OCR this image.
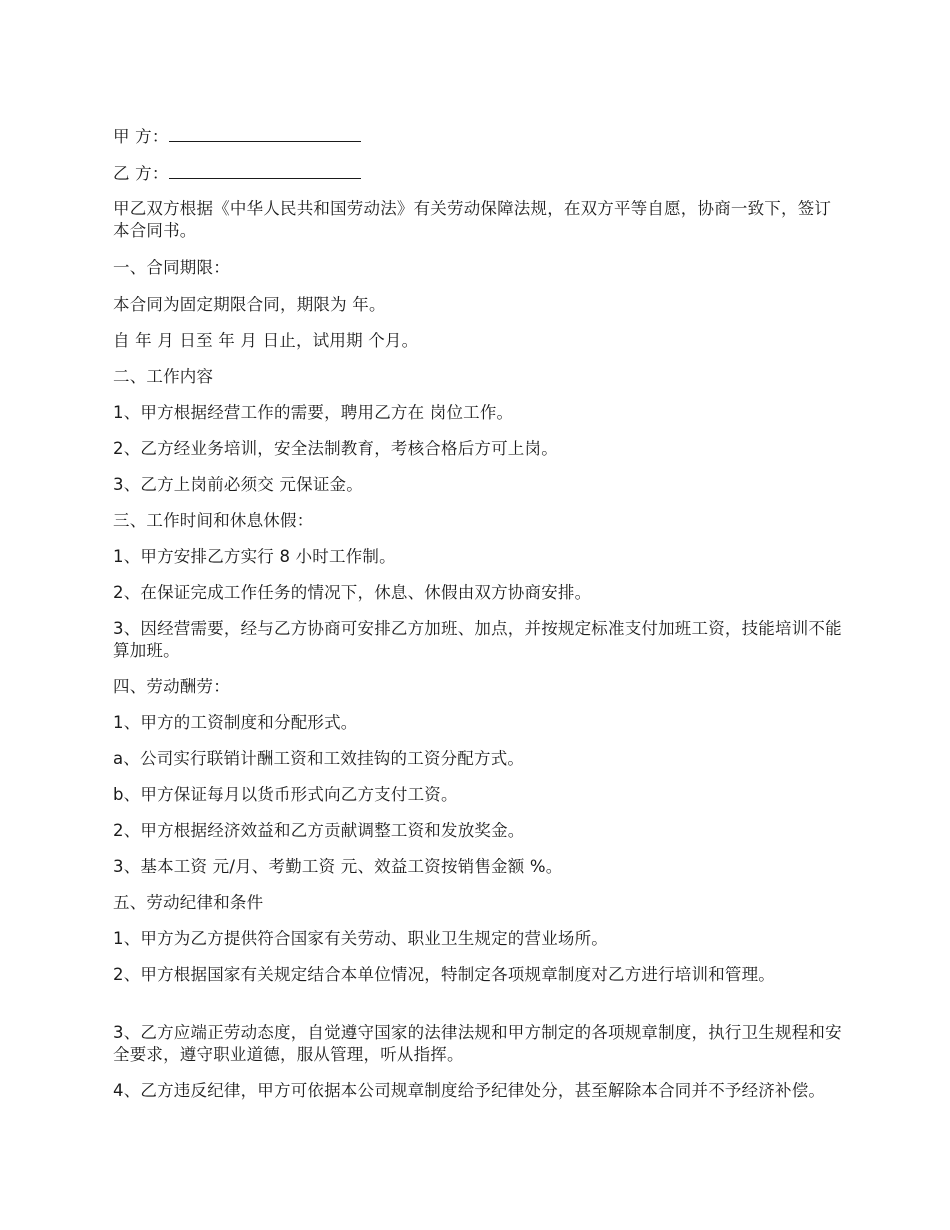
甲 方：

乙 方：

甲乙双方根据《中华人民共和国劳动法》有关劳动保障法规，在双方平等自愿，协商一致下，签订本合同书。

一、合同期限：

本合同为固定期限合同，期限为 年。

自 年 月 日至 年 月 日止，试用期 个月。

二、工作内容

1、甲方根据经营工作的需要，聘用乙方在 岗位工作。

2、乙方经业务培训，安全法制教育，考核合格后方可上岗。

3、乙方上岗前必须交 元保证金。

三、工作时间和休息休假：

1、甲方安排乙方实行 8 小时工作制。

2、在保证完成工作任务的情况下，休息、休假由双方协商安排。

3、因经营需要，经与乙方协商可安排乙方加班、加点，并按规定标准支付加班工资，技能培训不能算加班。

四、劳动酬劳：

1、甲方的工资制度和分配形式。

a、公司实行联销计酬工资和工效挂钩的工资分配方式。

b、甲方保证每月以货币形式向乙方支付工资。

2、甲方根据经济效益和乙方贡献调整工资和发放奖金。

3、基本工资 元/月、考勤工资 元、效益工资按销售金额 %。

五、劳动纪律和条件

1、甲方为乙方提供符合国家有关劳动、职业卫生规定的营业场所。

2、甲方根据国家有关规定结合本单位情况，特制定各项规章制度对乙方进行培训和管理。

3、乙方应端正劳动态度，自觉遵守国家的法律法规和甲方制定的各项规章制度，执行卫生规程和安全要求，遵守职业道德，服从管理，听从指挥。

4、乙方违反纪律，甲方可依据本公司规章制度给予纪律处分，甚至解除本合同并不予经济补偿。
